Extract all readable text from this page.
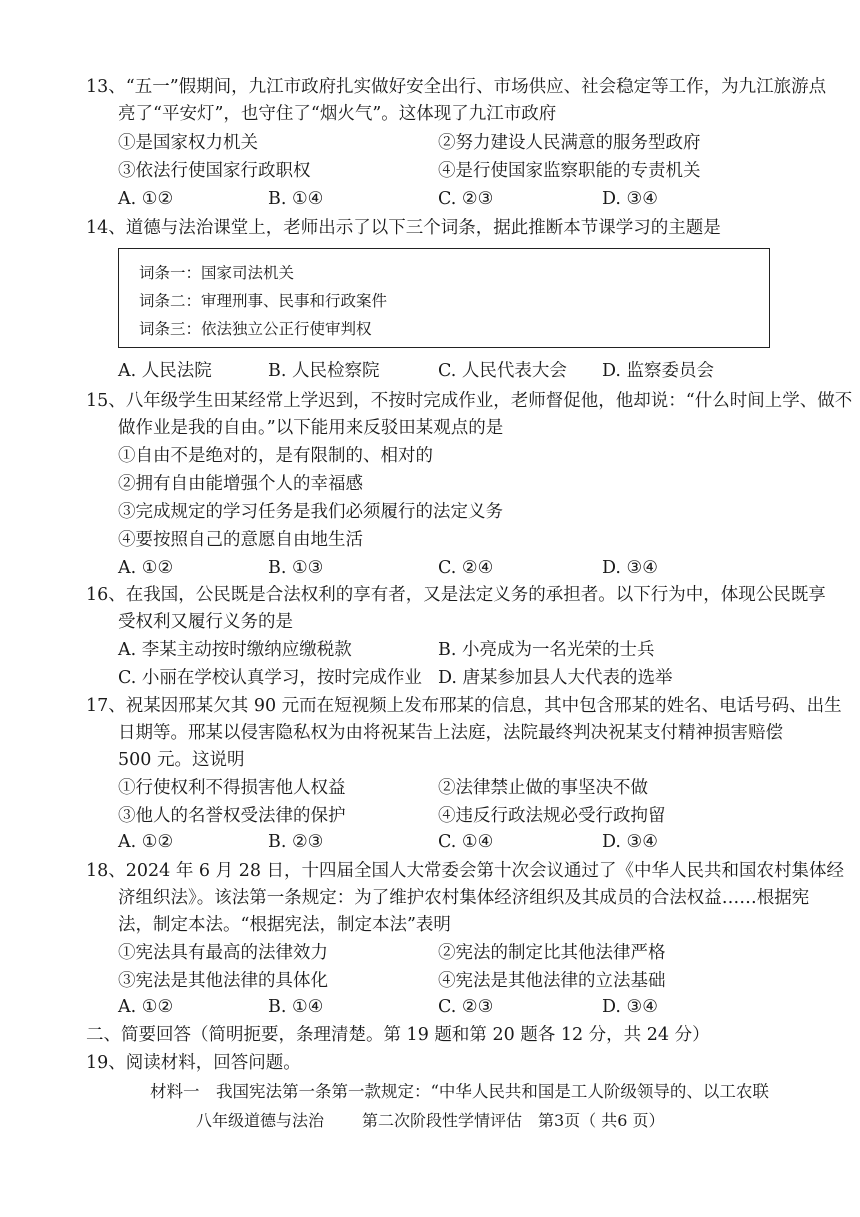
13、“五一”假期间，九江市政府扎实做好安全出行、市场供应、社会稳定等工作，为九江旅游点
亮了“平安灯”，也守住了“烟火气”。这体现了九江市政府
①是国家权力机关	②努力建设人民满意的服务型政府
③依法行使国家行政职权	④是行使国家监察职能的专责机关
A. ①②	B. ①④	C. ②③	D. ③④
14、道德与法治课堂上，老师出示了以下三个词条，据此推断本节课学习的主题是
词条一：国家司法机关
词条二：审理刑事、民事和行政案件
词条三：依法独立公正行使审判权
A. 人民法院	B. 人民检察院	C. 人民代表大会 D. 监察委员会
15、八年级学生田某经常上学迟到，不按时完成作业，老师督促他，他却说：“什么时间上学、做不
做作业是我的自由。”以下能用来反驳田某观点的是
①自由不是绝对的，是有限制的、相对的
②拥有自由能增强个人的幸福感
③完成规定的学习任务是我们必须履行的法定义务
④要按照自己的意愿自由地生活
A. ①②	B. ①③	C. ②④	D. ③④
16、在我国，公民既是合法权利的享有者，又是法定义务的承担者。以下行为中，体现公民既享
受权利又履行义务的是
A. 李某主动按时缴纳应缴税款	B. 小亮成为一名光荣的士兵
C. 小丽在学校认真学习，按时完成作业 D. 唐某参加县人大代表的选举
17、祝某因邢某欠其 90 元而在短视频上发布邢某的信息，其中包含邢某的姓名、电话号码、出生
日期等。邢某以侵害隐私权为由将祝某告上法庭，法院最终判决祝某支付精神损害赔偿
500 元。这说明
①行使权利不得损害他人权益	②法律禁止做的事坚决不做
③他人的名誉权受法律的保护	④违反行政法规必受行政拘留
A. ①②	B. ②③	C. ①④	D. ③④
18、2024 年 6 月 28 日，十四届全国人大常委会第十次会议通过了《中华人民共和国农村集体经
济组织法》。该法第一条规定：为了维护农村集体经济组织及其成员的合法权益……根据宪
法，制定本法。“根据宪法，制定本法”表明
①宪法具有最高的法律效力	②宪法的制定比其他法律严格
③宪法是其他法律的具体化	④宪法是其他法律的立法基础
A. ①②	B. ①④	C. ②③	D. ③④
二、简要回答（简明扼要，条理清楚。第 19 题和第 20 题各 12 分，共 24 分）
19、阅读材料，回答问题。
材料一　我国宪法第一条第一款规定：“中华人民共和国是工人阶级领导的、以工农联
八年级道德与法治 第二次阶段性学情评估 第3页（ 共6 页）
